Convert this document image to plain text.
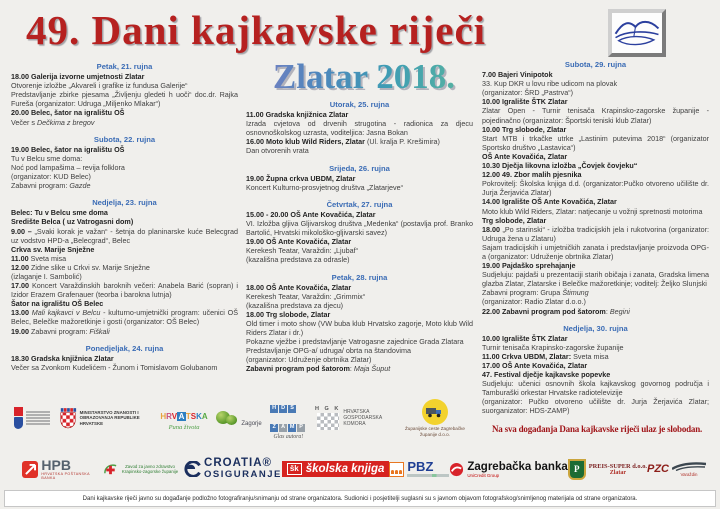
49. Dani kajkavske riječi
Zlatar 2018.
Petak, 21. rujna

18.00 Galerija izvorne umjetnosti Zlatar

Otvorenje izložbe „Akvareli i grafike iz fundusa Galerije“

Predstavljanje zbirke pjesama „Življenju gledeti h uoči“ doc.dr. Rajka Fureša (organizator: Udruga „Miljenko Mlakar“)

20.00 Belec, šator na igralištu OŠ

Večer s Dečkima z bregov

Subota, 22. rujna

19.00 Belec, šator na igralištu OŠ

Tu v Belcu sme doma:

Noć pod lampašima – revija folklora

(organizator: KUD Belec)

Zabavni program: Gazde

Nedjelja, 23. rujna

Belec: Tu v Belcu sme doma

Središte Belca ( uz Vatrogasni dom)

9.00 – „Svaki korak je važan“ - šetnja do planinarske kuće Belecgrad uz vodstvo HPD-a „Belecgrad“, Belec

Crkva sv. Marije Snježne

11.00 Sveta misa

12.00 Zidne slike u Crkvi sv. Marije Snježne

(izlaganje I. Sambolić)

17.00 Koncert Varaždinskih baroknih večeri: Anabela Barić (sopran) i Izidor Erazem Grafenauer (teorba i barokna lutnja)

Šator na igralištu OŠ Belec

13.00 Mali kajkavci v Belcu - kulturno-umjetnički program: učenici OŠ Belec, Belečke mažoretkinje i gosti (organizator: OŠ Belec)

19.00 Zabavni program: Fiškali

Ponedjeljak, 24. rujna

18.30 Gradska knjižnica Zlatar

Večer sa Zvonkom Kudelićem - Žunom i Tomislavom Golubanom

Utorak, 25. rujna

11.00 Gradska knjižnica Zlatar

Izrada cvjetova od drvenih strugotina - radionica za djecu osnovnoškolskog uzrasta, voditeljica: Jasna Bokan

16.00 Moto klub Wild Riders, Zlatar (Ul. kralja P. Krešimira)

Dan otvorenih vrata

Srijeda, 26. rujna

19.00 Župna crkva UBDM, Zlatar

Koncert Kulturno-prosvjetnog društva „Zlatarjeve“

Četvrtak, 27. rujna

15.00 - 20.00 OŠ Ante Kovačića, Zlatar

VI. Izložba gljiva Gljivarskog društva „Medenka“ (postavlja prof. Branko Bartolić, Hrvatski mikološko-gljivarski savez)

19.00 OŠ Ante Kovačića, Zlatar

Kerekesh Teatar, Varaždin: „Ljubaf“

(kazališna predstava za odrasle)

Petak, 28. rujna

18.00 OŠ Ante Kovačića, Zlatar

Kerekesh Teatar, Varaždin: „Grimmix“

(kazališna predstava za djecu)

18.00 Trg slobode, Zlatar

Old timer i moto show (VW buba klub Hrvatsko zagorje, Moto klub Wild Riders Zlatar i dr.)

Pokazne vježbe i predstavljanje Vatrogasne zajednice Grada Zlatara

Predstavljanje OPG-a/ udruga/ obrta na štandovima

(organizator: Udruženje obrtnika Zlatar)

Zabavni program pod šatorom: Maja Šuput

Subota, 29. rujna

7.00 Bajeri Vinipotok

33. Kup DKR u lovu ribe udicom na plovak

(organizator: ŠRD „Pastrva“)

10.00 Igralište ŠTK Zlatar

Zlatar Open - Turnir tenisača Krapinsko-zagorske županije - pojedinačno (organizator: Športski teniski klub Zlatar)

10.00 Trg slobode, Zlatar

Start MTB i trkačke utrke „Lastinim putevima 2018“ (organizator Sportsko društvo „Lastavica“)

OŠ Ante Kovačića, Zlatar

10.30 Dječja likovna izložba „Čovjek čovjeku“

12.00 49. Zbor malih pjesnika

Pokrovitelj: Školska knjiga d.d. (organizator:Pučko otvoreno učilište dr. Jurja Žerjavića Zlatar)

14.00 Igralište OŠ Ante Kovačića, Zlatar

Moto klub Wild Riders, Zlatar: natjecanje u vožnji spretnosti motorima

Trg slobode, Zlatar

18.00 „Po starinski“ - izložba tradicijskih jela i rukotvorina (organizator: Udruga žena u Zlataru)

Sajam tradicijskih i umjetničkih zanata i predstavljanje proizvoda OPG-a (organizator: Udruženje obrtnika Zlatar)

19.00 Pajdaško sprehajanje

Sudjeluju: pajdaši u prezentaciji starih običaja i zanata, Gradska limena glazba Zlatar, Zlatarske i Belečke mažoretkinje; voditelj: Željko Slunjski

Zabavni program: Grupa Štimung

(organizator: Radio Zlatar d.o.o.)

22.00 Zabavni program pod šatorom: Begini

Nedjelja, 30. rujna

10.00 Igralište ŠTK Zlatar

Turnir tenisača Krapinsko-zagorske županije

11.00 Crkva UBDM, Zlatar: Sveta misa

17.00 OŠ Ante Kovačića, Zlatar

47. Festival dječje kajkavske popevke

Sudjeluju: učenici osnovnih škola kajkavskog govornog područja i Tamburaški orkestar Hrvatske radiotelevizije

(organizator: Pučko otvoreno učilište dr. Jurja Žerjavića Zlatar; suorganizator: HDS-ZAMP)

Na sva događanja Dana kajkavske riječi ulaz je slobodan.
MINISTARSTVO ZNANOSTI I OBRAZOVANJA REPUBLIKE HRVATSKE
HRV A TSKA
Puna života	Zagorje
H D S
Z A M P
Glas autora!
H G K HRVATSKA GOSPODARSKA KOMORA
Županijske ceste Zagrebačke županije d.o.o.
HPB
HRVATSKA POŠTANSKA BANKA
Zavod za javno zdravstvo Krapinsko-zagorske županije
CROATIA®
OSIGURANJE
šk školska knjiga PBZ	Zagrebačka banka
UniCredit Group
P	PREIS-SUPER d.o.o.
Zlatar PZC	Varaždin
Dani kajkavske riječi javno su događanje podložno fotografiranju/snimanju od strane organizatora. Sudionici i posjetitelji suglasni su s javnom objavom fotografskog/snimljenog materijala od strane organizatora.
